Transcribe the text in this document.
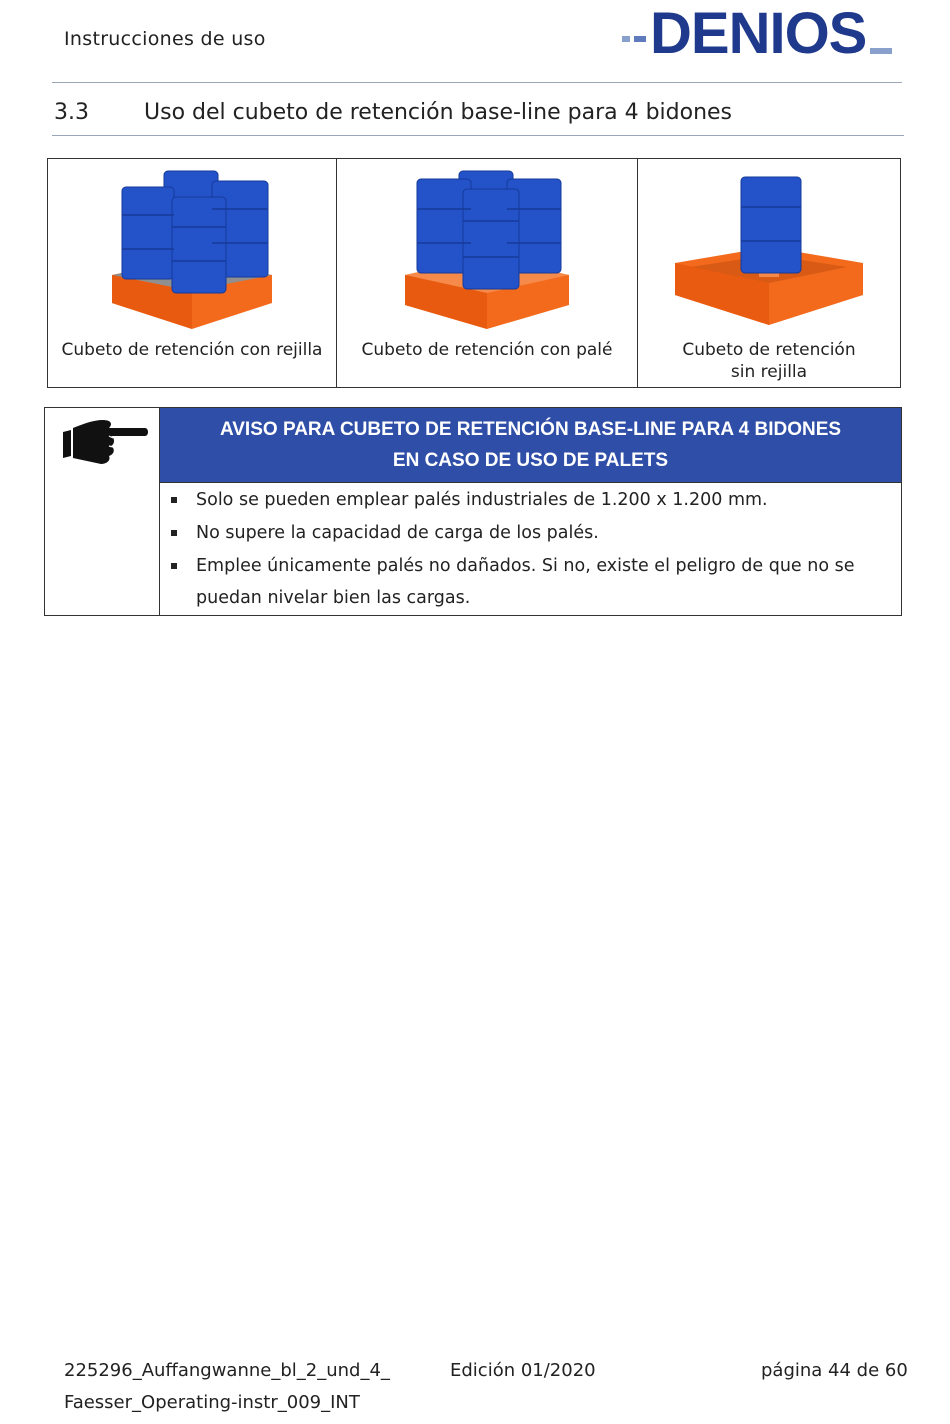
Instrucciones de uso	DENIOS
3.3	Uso del cubeto de retención base-line para 4 bidones
Cubeto de retención con rejilla	Cubeto de retención con palé	Cubeto de retención
sin rejilla
AVISO PARA CUBETO DE RETENCIÓN BASE-LINE PARA 4 BIDONES
EN CASO DE USO DE PALETS
Solo se pueden emplear palés industriales de 1.200 x 1.200 mm.
No supere la capacidad de carga de los palés.
Emplee únicamente palés no dañados. Si no, existe el peligro de que no se puedan nivelar bien las cargas.
225296_Auffangwanne_bl_2_und_4_
Faesser_Operating-instr_009_INT
Edición 01/2020	página 44 de 60
